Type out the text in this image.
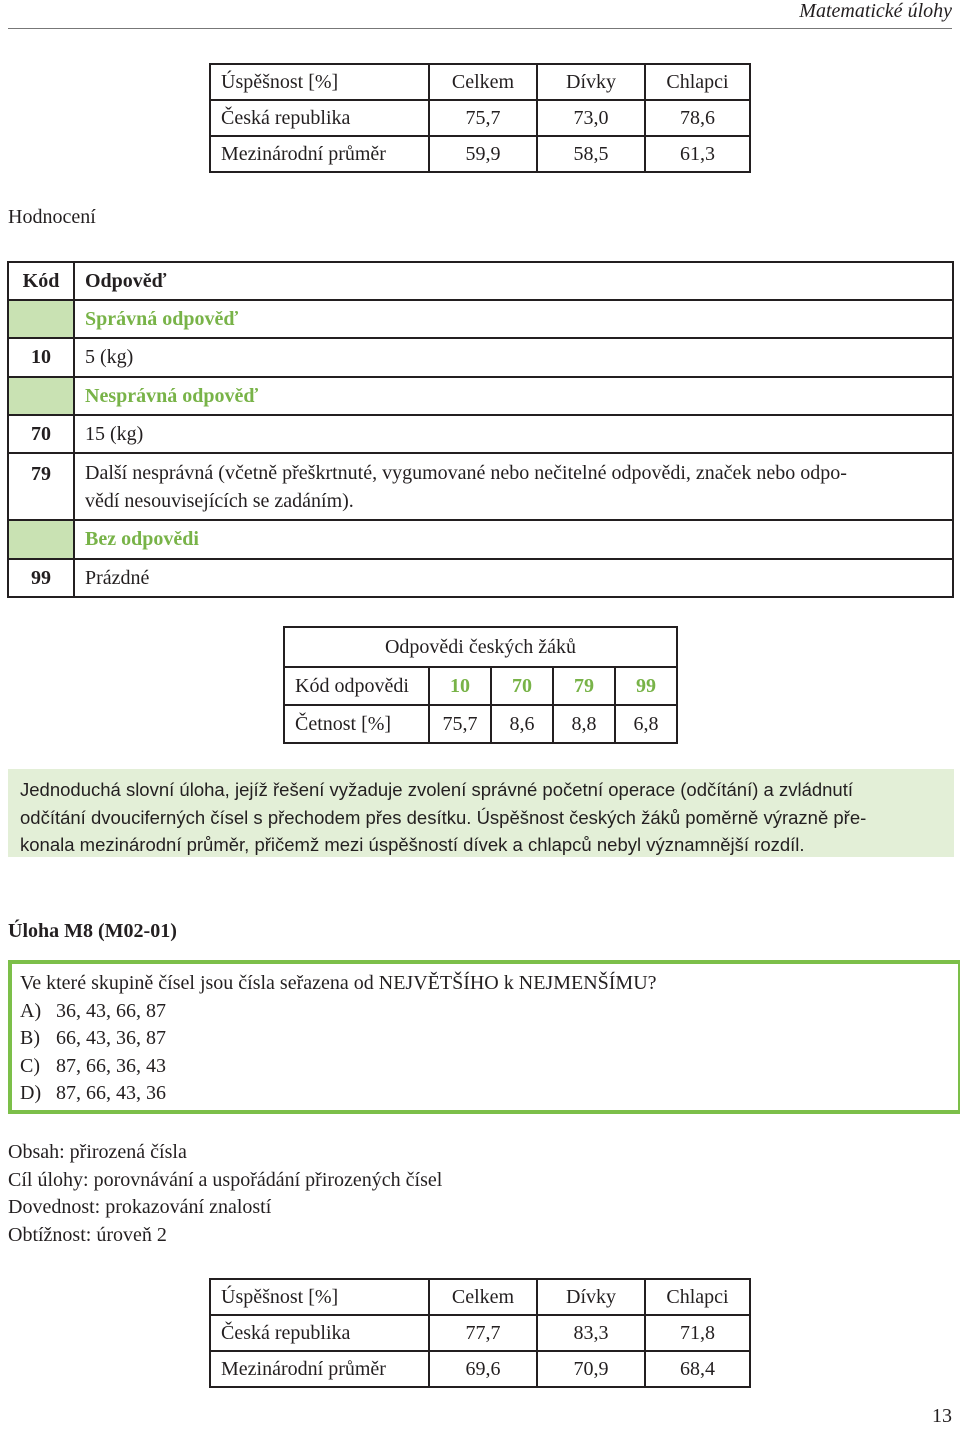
Matematické úlohy
Úspěšnost [%]	Celkem	Dívky	Chlapci
Česká republika	75,7	73,0	78,6
Mezinárodní průměr	59,9	58,5	61,3
Hodnocení
Kód	Odpověď
	Správná odpověď
10	5 (kg)
	Nesprávná odpověď
70	15 (kg)
79	Další nesprávná (včetně přeškrtnuté, vygumované nebo nečitelné odpovědi, značek nebo odpo-
vědí nesouvisejících se zadáním).

	Bez odpovědi
99	Prázdné
Odpovědi českých žáků				
Kód odpovědi	10	70	79	99
Četnost [%]	75,7	8,6	8,8	6,8
Jednoduchá slovní úloha, jejíž řešení vyžaduje zvolení správné početní operace (odčítání) a zvládnutí
odčítání dvouciferných čísel s přechodem přes desítku. Úspěšnost českých žáků poměrně výrazně pře-
konala mezinárodní průměr, přičemž mezi úspěšností dívek a chlapců nebyl významnější rozdíl.
Úloha M8 (M02-01)
Ve které skupině čísel jsou čísla seřazena od NEJVĚTŠÍHO k NEJMENŠÍMU?
A) 36, 43, 66, 87
B) 66, 43, 36, 87
C) 87, 66, 36, 43
D) 87, 66, 43, 36
Obsah: přirozená čísla
Cíl úlohy: porovnávání a uspořádání přirozených čísel
Dovednost: prokazování znalostí
Obtížnost: úroveň 2
Úspěšnost [%]	Celkem	Dívky	Chlapci
Česká republika	77,7	83,3	71,8
Mezinárodní průměr	69,6	70,9	68,4
13
